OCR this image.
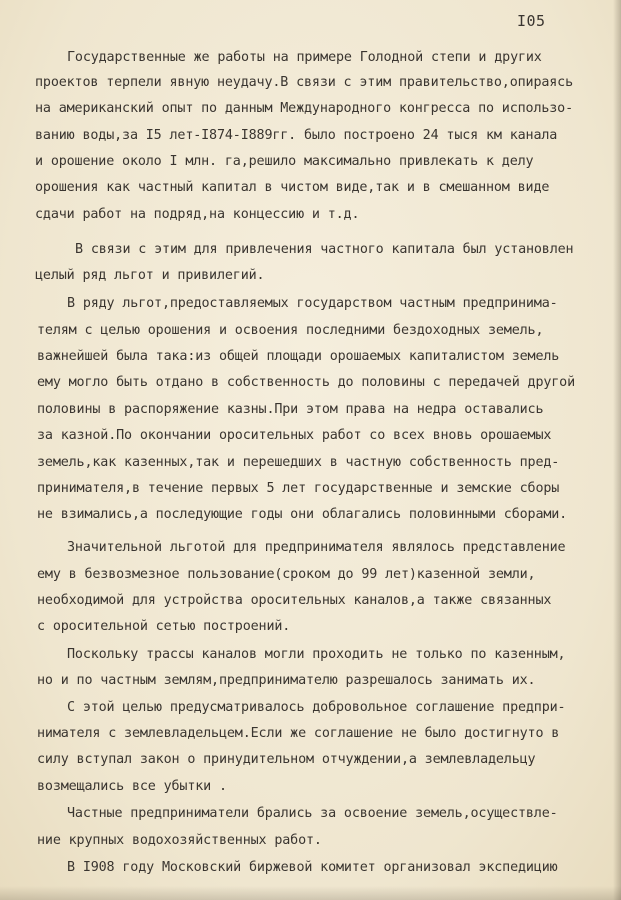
I05
Государственные же работы на примере Голодной степи и других
проектов терпели явную неудачу.В связи с этим правительство,опираясь
на американский опыт по данным Международного конгресса по использо-
ванию воды,за I5 лет-I874-I889гг. было построено 24 тыся км канала
и орошение около I млн. га,решило максимально привлекать к делу
орошения как частный капитал в чистом виде,так и в смешанном виде
сдачи работ на подряд,на концессию и т.д.
В связи с этим для привлечения частного капитала был установлен
целый ряд льгот и привилегий.
В ряду льгот,предоставляемых государством частным предпринима-
телям с целью орошения и освоения последними бездоходных земель,
важнейшей была така:из общей площади орошаемых капиталистом земель
ему могло быть отдано в собственность до половины с передачей другой
половины в распоряжение казны.При этом права на недра оставались
за казной.По окончании оросительных работ со всех вновь орошаемых
земель,как казенных,так и перешедших в частную собственность пред-
принимателя,в течение первых 5 лет государственные и земские сборы
не взимались,а последующие годы они облагались половинными сборами.
Значительной льготой для предпринимателя являлось представление
ему в безвозмезное пользование(сроком до 99 лет)казенной земли,
необходимой для устройства оросительных каналов,а также связанных
с оросительной сетью построений.
Поскольку трассы каналов могли проходить не только по казенным,
но и по частным землям,предпринимателю разрешалось занимать их.
С этой целью предусматривалось добровольное соглашение предпри-
нимателя с землевладельцем.Если же соглашение не было достигнуто в
силу вступал закон о принудительном отчуждении,а землевладельцу
возмещались все убытки .
Частные предприниматели брались за освоение земель,осуществле-
ние крупных водохозяйственных работ.
В I908 году Московский биржевой комитет организовал экспедицию
